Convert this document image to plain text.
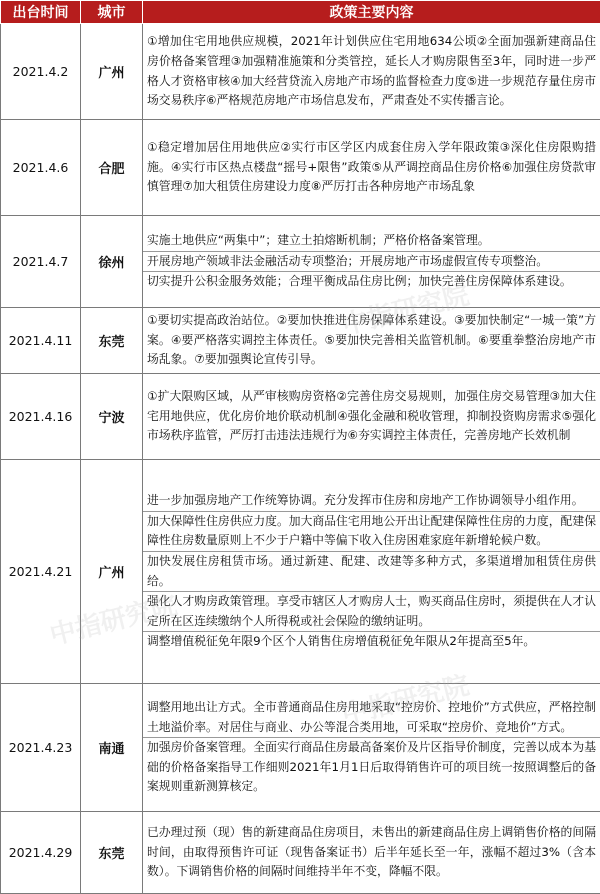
中指研究院
中指研究院
中指研究院
出台时间	城市	政策主要内容
2021.4.2	广州	①增加住宅用地供应规模，2021年计划供应住宅用地634公顷②全面加强新建商品住房价格备案管理③加强精准施策和分类管控，延长人才购房限售至3年，同时进一步严格人才资格审核④加大经营贷流入房地产市场的监督检查力度⑤进一步规范存量住房市场交易秩序⑥严格规范房地产市场信息发布，严肃查处不实传播言论。

2021.4.6	合肥	①稳定增加居住用地供应②实行市区学区内成套住房入学年限政策③深化住房限购措施。④实行市区热点楼盘“摇号+限售”政策⑤从严调控商品住房价格⑥加强住房贷款审慎管理⑦加大租赁住房建设力度⑧严厉打击各种房地产市场乱象

2021.4.7	徐州	实施土地供应“两集中”；建立土拍熔断机制；严格价格备案管理。
开展房地产领域非法金融活动专项整治；开展房地产市场虚假宣传专项整治。
切实提升公积金服务效能；合理平衡成品住房比例；加快完善住房保障体系建设。

2021.4.11	东莞	①要切实提高政治站位。②要加快推进住房保障体系建设。③要加快制定“一城一策”方案。④要严格落实调控主体责任。⑤要加快完善相关监管机制。⑥要重拳整治房地产市场乱象。⑦要加强舆论宣传引导。

2021.4.16	宁波	①扩大限购区域，从严审核购房资格②完善住房交易规则，加强住房交易管理③加大住宅用地供应，优化房价地价联动机制④强化金融和税收管理，抑制投资购房需求⑤强化市场秩序监管，严厉打击违法违规行为⑥夯实调控主体责任，完善房地产长效机制

2021.4.21	广州	进一步加强房地产工作统筹协调。充分发挥市住房和房地产工作协调领导小组作用。
加大保障性住房供应力度。加大商品住宅用地公开出让配建保障性住房的力度，配建保障性住房数量原则上不少于户籍中等偏下收入住房困难家庭年新增轮候户数。
加快发展住房租赁市场。通过新建、配建、改建等多种方式，多渠道增加租赁住房供给。
强化人才购房政策管理。享受市辖区人才购房人士，购买商品住房时，须提供在人才认定所在区连续缴纳个人所得税或社会保险的缴纳证明。
调整增值税征免年限9个区个人销售住房增值税征免年限从2年提高至5年。

2021.4.23	南通	调整用地出让方式。全市普通商品住房用地采取“控房价、控地价”方式供应，严格控制土地溢价率。对居住与商业、办公等混合类用地，可采取“控房价、竞地价”方式。
加强房价备案管理。全面实行商品住房最高备案价及片区指导价制度，完善以成本为基础的价格备案指导工作细则2021年1月1日后取得销售许可的项目统一按照调整后的备案规则重新测算核定。

2021.4.29	东莞	已办理过预（现）售的新建商品住房项目，未售出的新建商品住房上调销售价格的间隔时间，由取得预售许可证（现售备案证书）后半年延长至一年，涨幅不超过3%（含本数）。下调销售价格的间隔时间维持半年不变，降幅不限。
